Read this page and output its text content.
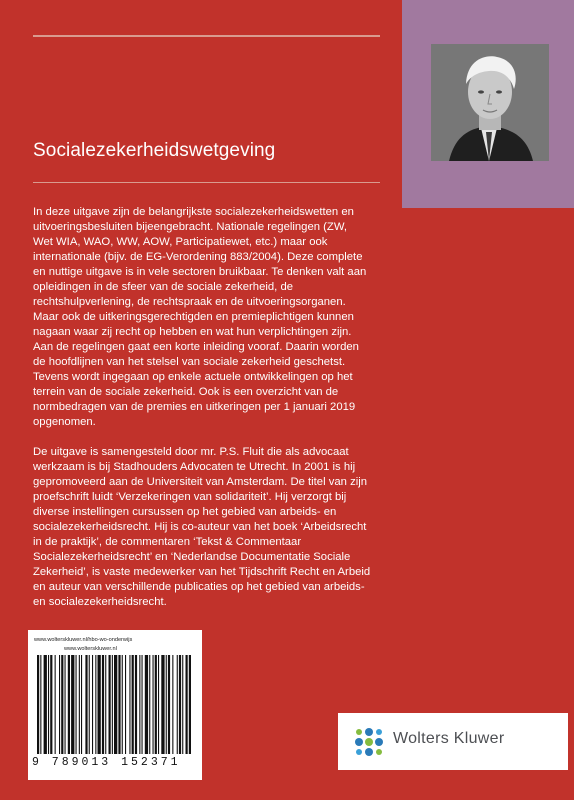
Socialezekerheidswetgeving

In deze uitgave zijn de belangrijkste socialezekerheidswetten en uitvoeringsbesluiten bijeengebracht. Nationale regelingen (ZW, Wet WIA, WAO, WW, AOW, Participatiewet, etc.) maar ook internationale (bijv. de EG-Verordening 883/2004). Deze complete en nuttige uitgave is in vele sectoren bruikbaar. Te denken valt aan opleidingen in de sfeer van de sociale zekerheid, de rechtshulpverlening, de rechtspraak en de uitvoeringsorganen. Maar ook de uitkeringsgerechtigden en premieplichtigen kunnen nagaan waar zij recht op hebben en wat hun verplichtingen zijn. Aan de regelingen gaat een korte inleiding vooraf. Daarin worden de hoofdlijnen van het stelsel van sociale zekerheid geschetst. Tevens wordt ingegaan op enkele actuele ontwikkelingen op het terrein van de sociale zekerheid. Ook is een overzicht van de normbedragen van de premies en uitkeringen per 1 januari 2019 opgenomen.

De uitgave is samengesteld door mr. P.S. Fluit die als advocaat werkzaam is bij Stadhouders Advocaten te Utrecht. In 2001 is hij gepromoveerd aan de Universiteit van Amsterdam. De titel van zijn proefschrift luidt ‘Verzekeringen van solidariteit’. Hij verzorgt bij diverse instellingen cursussen op het gebied van arbeids- en socialezekerheidsrecht. Hij is co-auteur van het boek ‘Arbeidsrecht in de praktijk’, de commentaren ‘Tekst & Commentaar Socialezekerheidsrecht’ en ‘Nederlandse Documentatie Sociale Zekerheid’, is vaste medewerker van het Tijdschrift Recht en Arbeid en auteur van verschillende publicaties op het gebied van arbeids- en socialezekerheidsrecht.

www.wolterskluwer.nl/hbo-wo-onderwijs
www.wolterskluwer.nl
9 789013 152371
Wolters Kluwer
